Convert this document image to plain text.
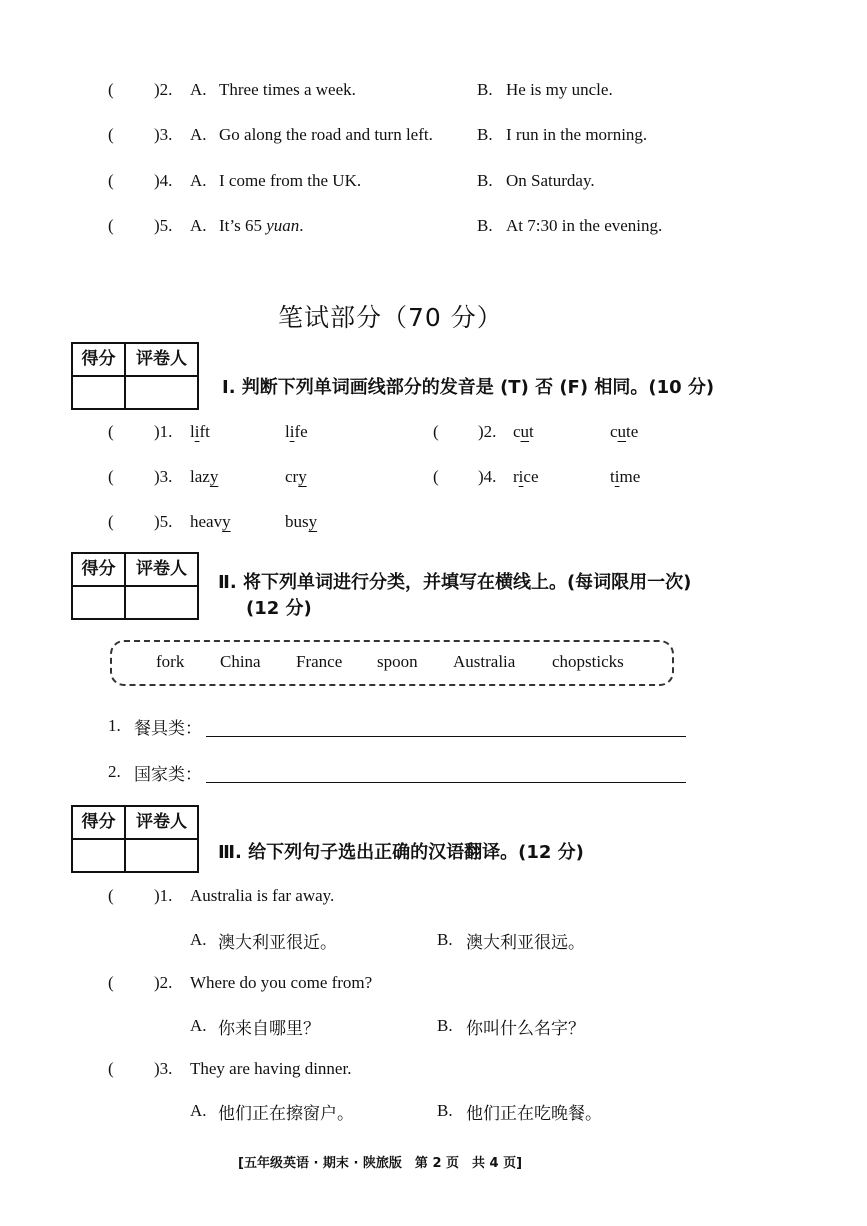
( )2. A. Three times a week.	B. He is my uncle.
( )3. A. Go along the road and turn left.	B. I run in the morning.
( )4. A. I come from the UK.	B. On Saturday.
( )5. A. It’s 65 yuan.	B. At 7:30 in the evening.
笔试部分（70 分）
得分	评卷人
Ⅰ. 判断下列单词画线部分的发音是 (T) 否 (F) 相同。(10 分)
( )1. lift	life	( )2. cut	cute
( )3. lazy	cry	( )4. rice	time
( )5. heavy	busy
得分	评卷人
Ⅱ. 将下列单词进行分类，并填写在横线上。(每词限用一次)
(12 分)
fork China France spoon Australia chopsticks
1. 餐具类：
2. 国家类：
得分	评卷人
Ⅲ. 给下列句子选出正确的汉语翻译。(12 分)
( )1. Australia is far away.
A. 澳大利亚很近。	B. 澳大利亚很远。
( )2. Where do you come from?
A. 你来自哪里？	B. 你叫什么名字？
( )3. They are having dinner.
A. 他们正在擦窗户。	B. 他们正在吃晚餐。
[五年级英语 · 期末 · 陕旅版　第 2 页　共 4 页]
